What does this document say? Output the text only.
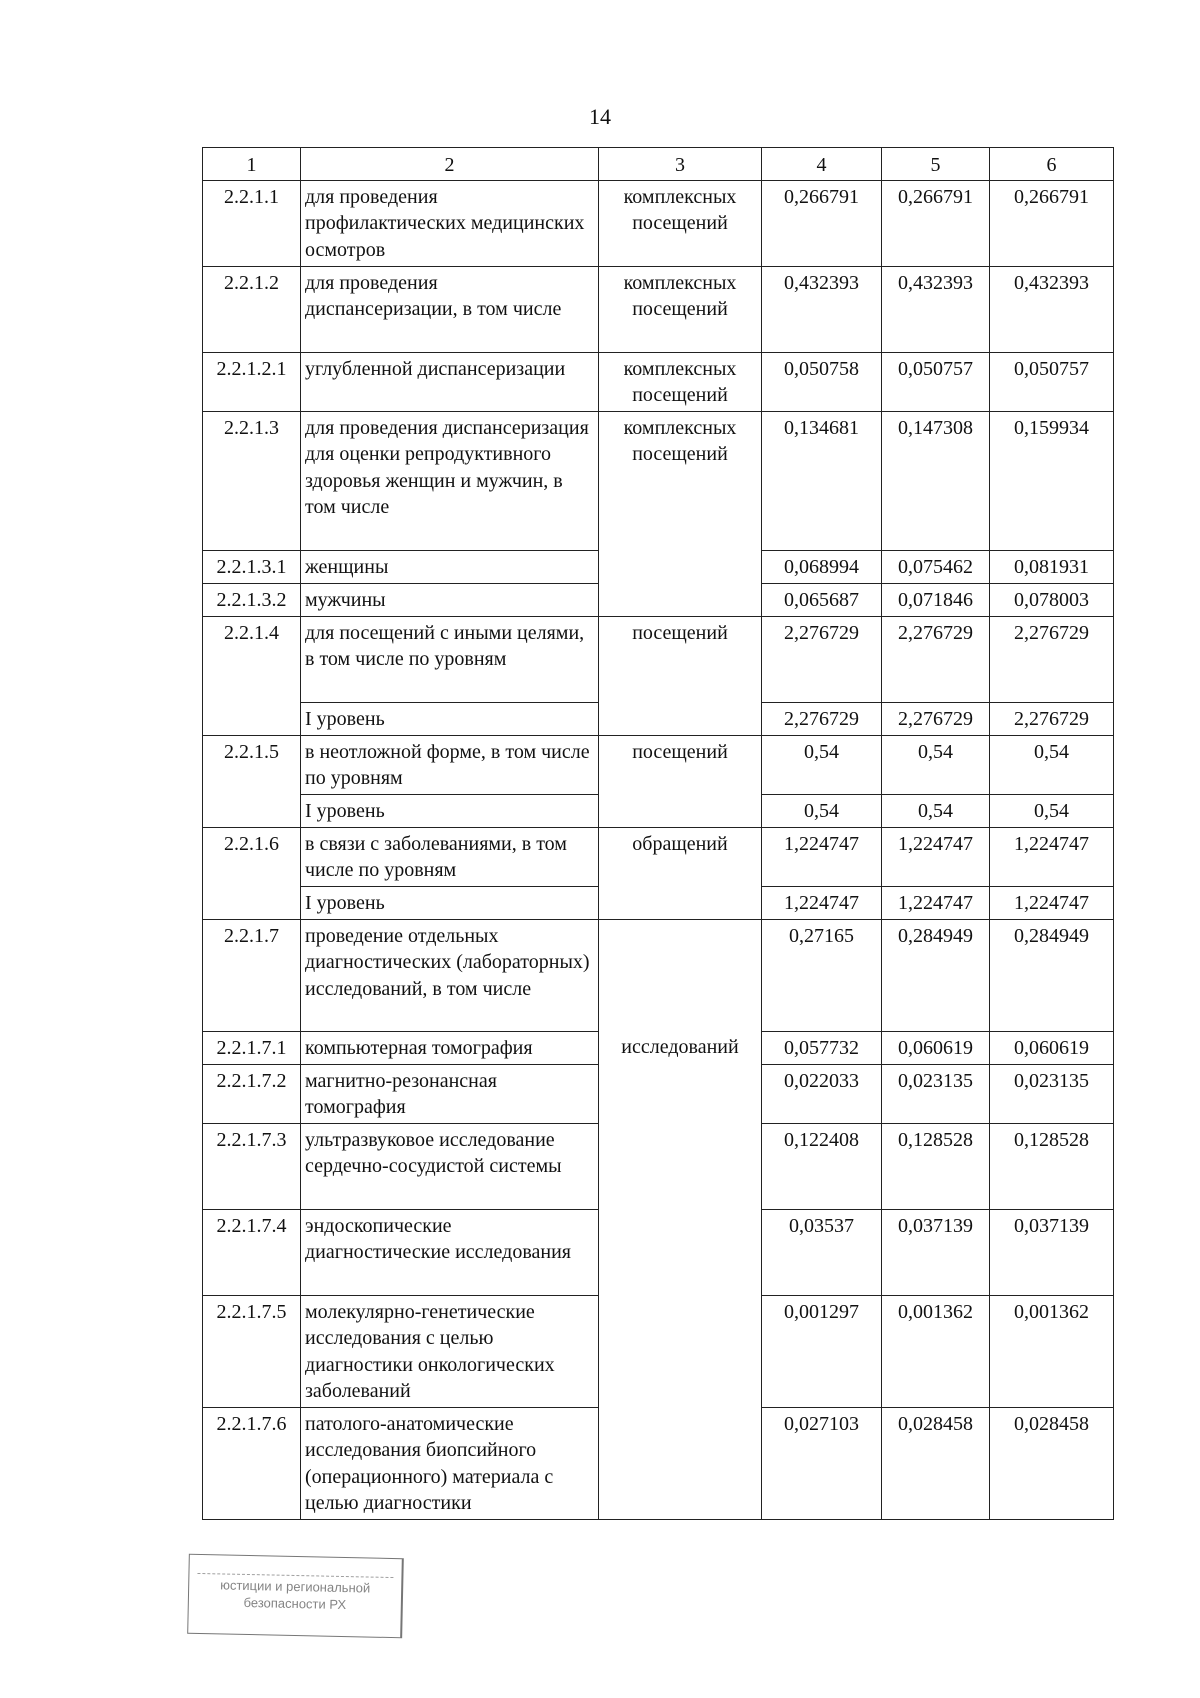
14
1	2	3	4	5	6
2.2.1.1	для проведения профилактических медицинских осмотров	комплексных посещений	0,266791	0,266791	0,266791
2.2.1.2	для проведения диспансеризации, в том числе	комплексных посещений	0,432393	0,432393	0,432393
2.2.1.2.1	углубленной диспансеризации	комплексных посещений	0,050758	0,050757	0,050757
2.2.1.3	для проведения диспансеризация для оценки репродуктивного здоровья женщин и мужчин, в том числе	комплексных посещений	0,134681	0,147308	0,159934
2.2.1.3.1	женщины		0,068994	0,075462	0,081931
2.2.1.3.2	мужчины		0,065687	0,071846	0,078003
2.2.1.4	для посещений с иными целями, в том числе по уровням	посещений	2,276729	2,276729	2,276729
	I уровень		2,276729	2,276729	2,276729
2.2.1.5	в неотложной форме, в том числе по уровням	посещений	0,54	0,54	0,54
	I уровень		0,54	0,54	0,54
2.2.1.6	в связи с заболеваниями, в том числе по уровням	обращений	1,224747	1,224747	1,224747
	I уровень		1,224747	1,224747	1,224747
2.2.1.7	проведение отдельных диагностических (лабораторных) исследований, в том числе		0,27165	0,284949	0,284949
2.2.1.7.1	компьютерная томография	исследований	0,057732	0,060619	0,060619
2.2.1.7.2	магнитно-резонансная томография		0,022033	0,023135	0,023135
2.2.1.7.3	ультразвуковое исследование сердечно-сосудистой системы		0,122408	0,128528	0,128528
2.2.1.7.4	эндоскопические диагностические исследования		0,03537	0,037139	0,037139
2.2.1.7.5	молекулярно-генетические исследования с целью диагностики онкологических заболеваний		0,001297	0,001362	0,001362
2.2.1.7.6	патолого-анатомические исследования биопсийного (операционного) материала с целью диагностики		0,027103	0,028458	0,028458
юстиции и региональной
безопасности РХ
